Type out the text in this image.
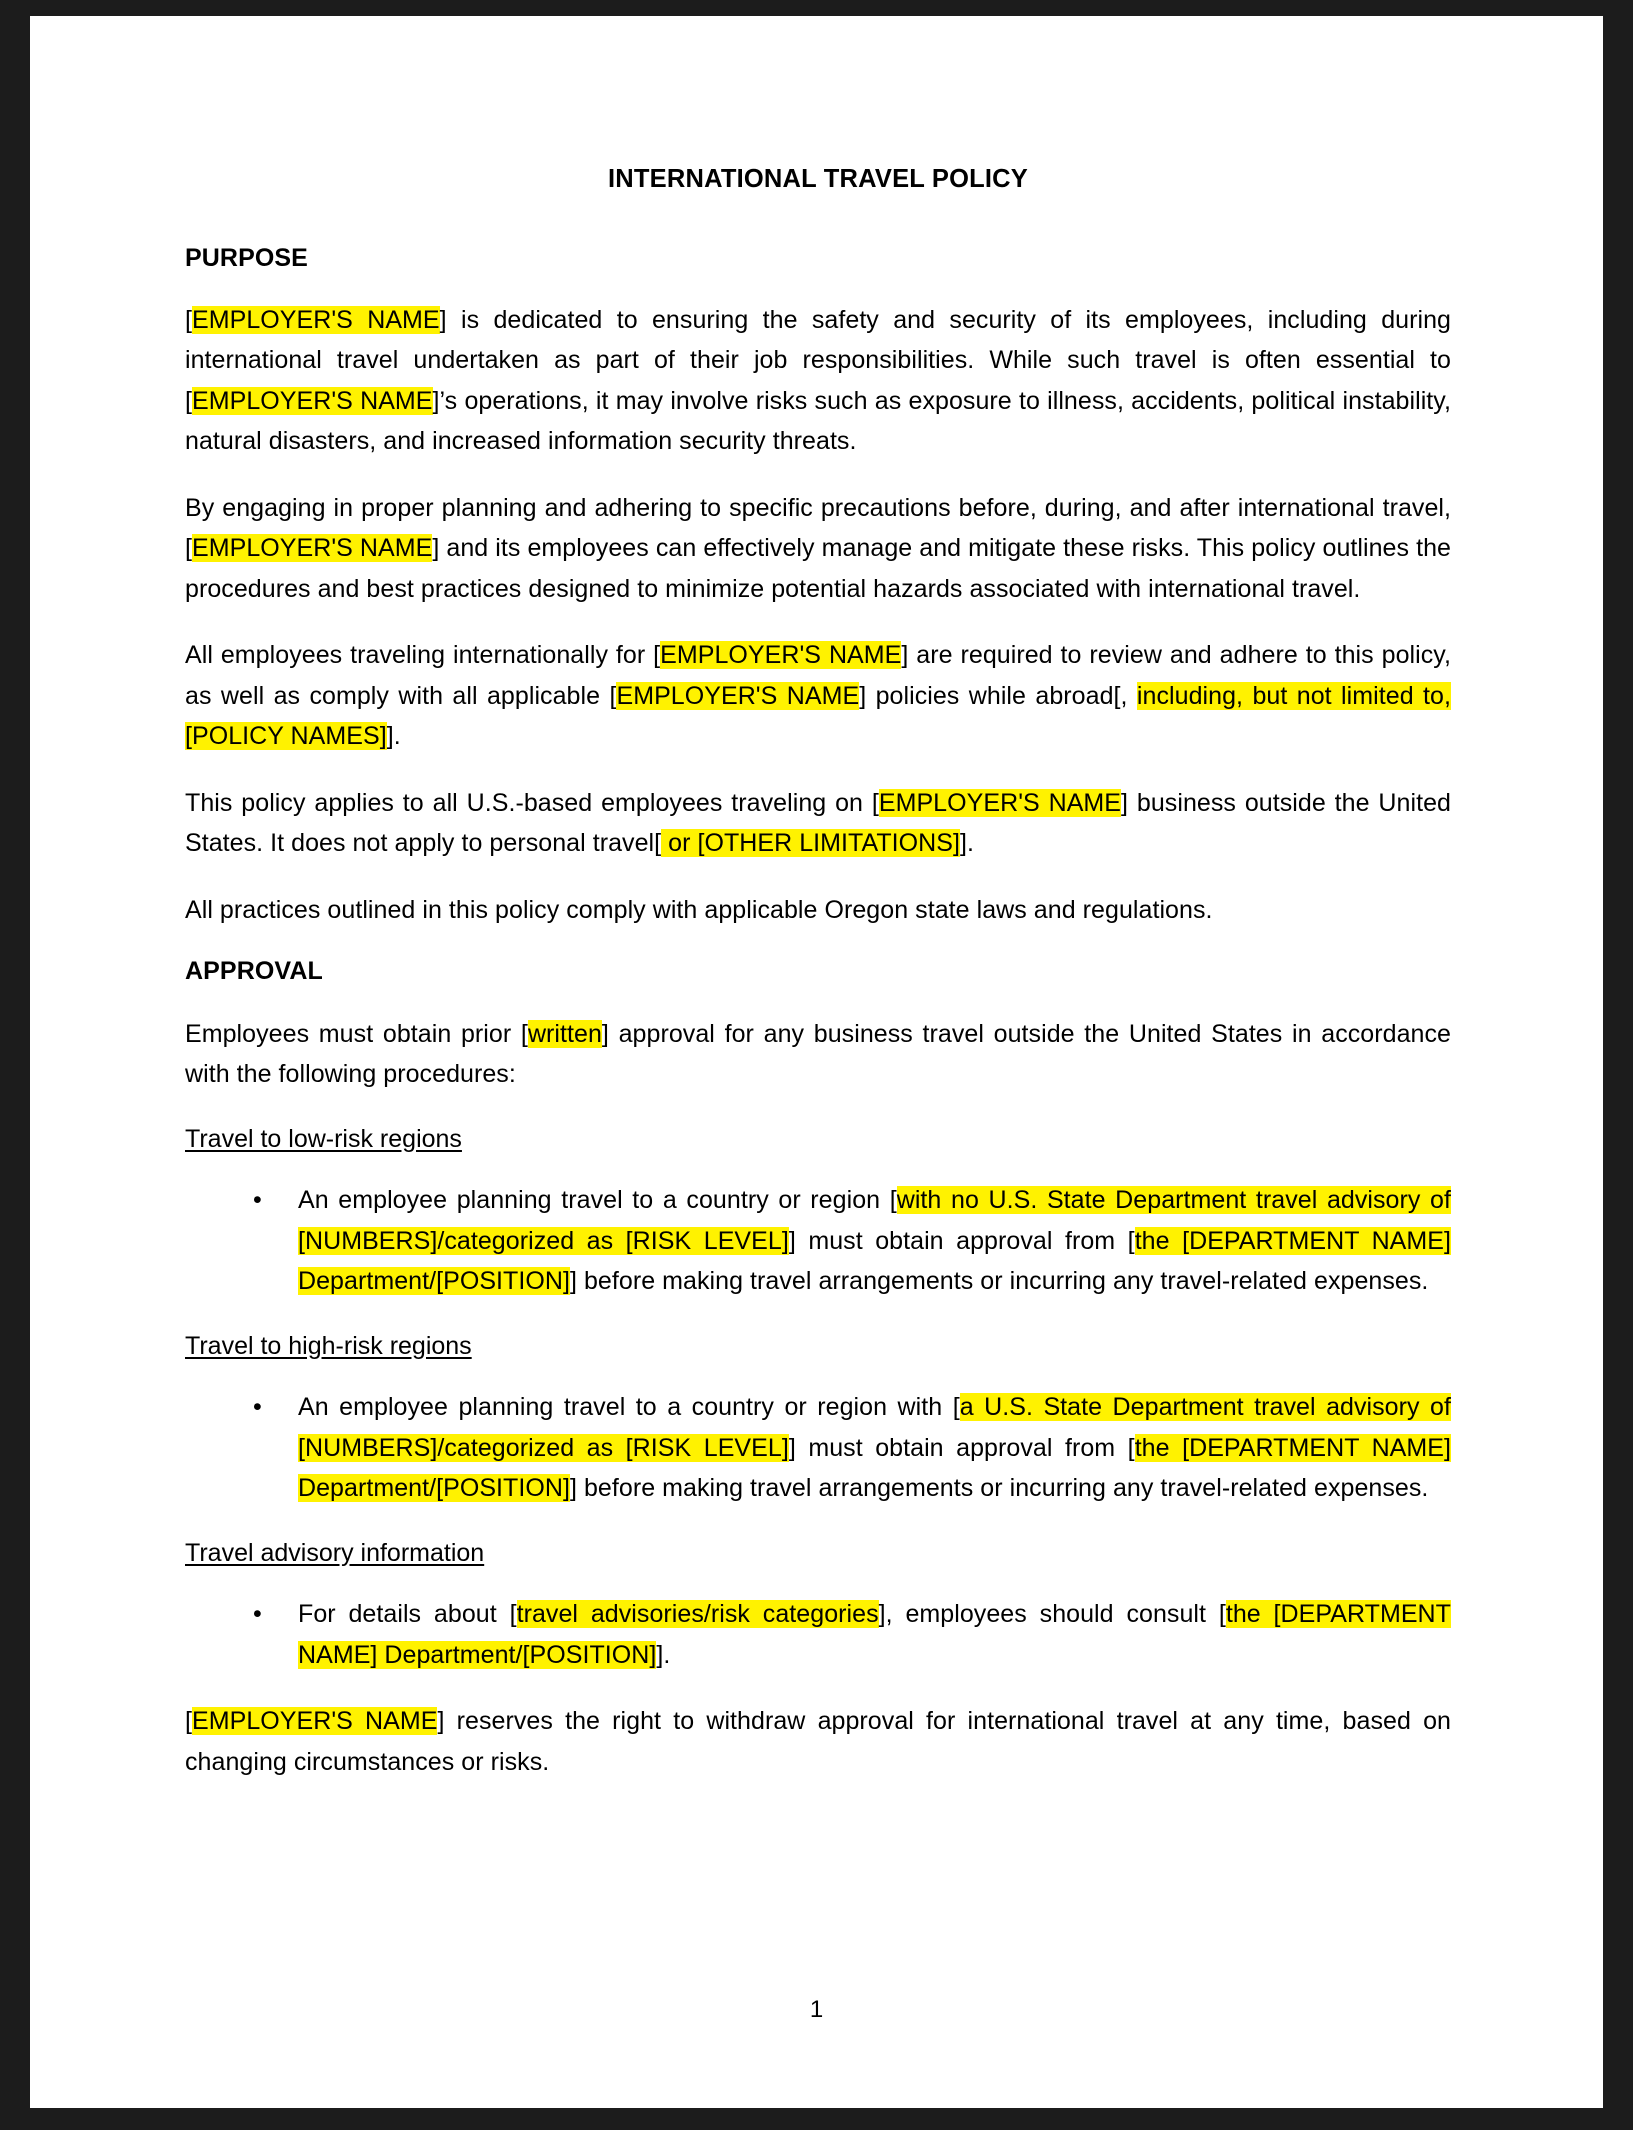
INTERNATIONAL TRAVEL POLICY
PURPOSE

[EMPLOYER'S NAME] is dedicated to ensuring the safety and security of its employees, including during international travel undertaken as part of their job responsibilities. While such travel is often essential to [EMPLOYER'S NAME]’s operations, it may involve risks such as exposure to illness, accidents, political instability, natural disasters, and increased information security threats.

By engaging in proper planning and adhering to specific precautions before, during, and after international travel, [EMPLOYER'S NAME] and its employees can effectively manage and mitigate these risks. This policy outlines the procedures and best practices designed to minimize potential hazards associated with international travel.

All employees traveling internationally for [EMPLOYER'S NAME] are required to review and adhere to this policy, as well as comply with all applicable [EMPLOYER'S NAME] policies while abroad[, including, but not limited to, [POLICY NAMES]].

This policy applies to all U.S.-based employees traveling on [EMPLOYER'S NAME] business outside the United States. It does not apply to personal travel[ or [OTHER LIMITATIONS]].

All practices outlined in this policy comply with applicable Oregon state laws and regulations.

APPROVAL

Employees must obtain prior [written] approval for any business travel outside the United States in accordance with the following procedures:

Travel to low-risk regions
• An employee planning travel to a country or region [with no U.S. State Department travel advisory of [NUMBERS]/categorized as [RISK LEVEL]] must obtain approval from [the [DEPARTMENT NAME] Department/[POSITION]] before making travel arrangements or incurring any travel-related expenses.
Travel to high-risk regions
• An employee planning travel to a country or region with [a U.S. State Department travel advisory of [NUMBERS]/categorized as [RISK LEVEL]] must obtain approval from [the [DEPARTMENT NAME] Department/[POSITION]] before making travel arrangements or incurring any travel-related expenses.
Travel advisory information
• For details about [travel advisories/risk categories], employees should consult [the [DEPARTMENT NAME] Department/[POSITION]].

[EMPLOYER'S NAME] reserves the right to withdraw approval for international travel at any time, based on changing circumstances or risks.

1
